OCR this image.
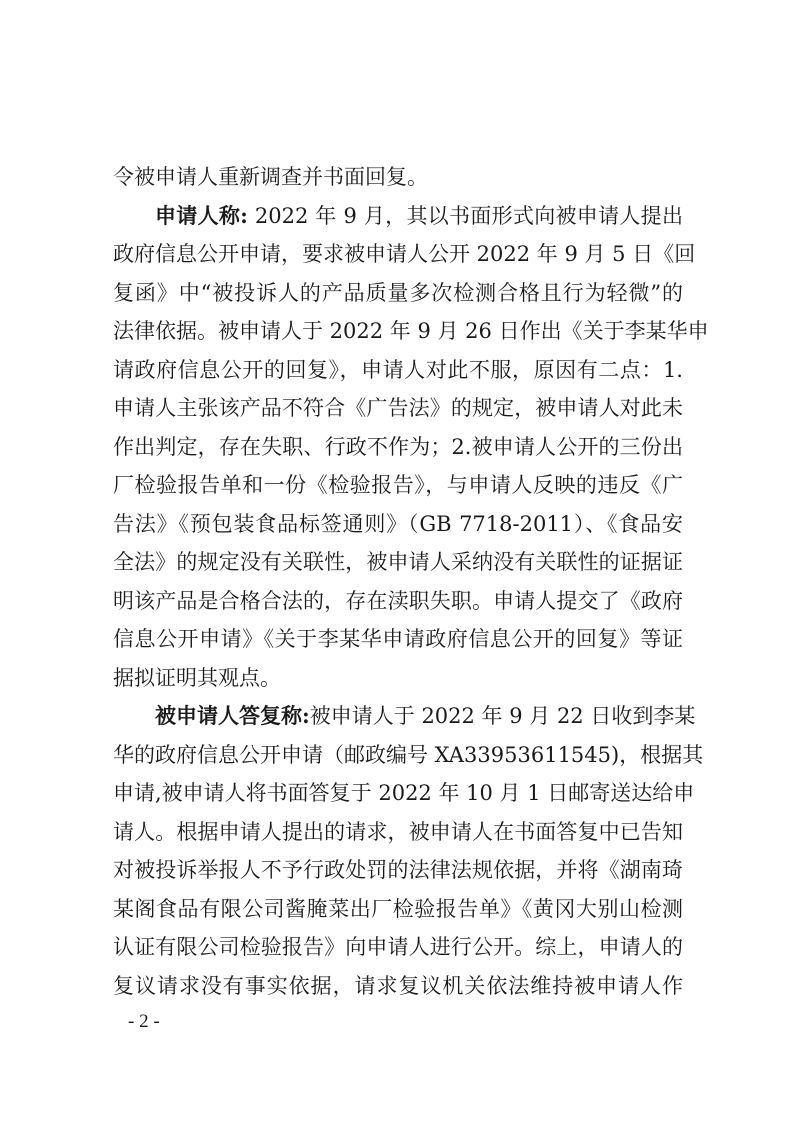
令被申请人重新调查并书面回复。
申请人称: 2022 年 9 月，其以书面形式向被申请人提出
政府信息公开申请，要求被申请人公开 2022 年 9 月 5 日《回
复函》中“被投诉人的产品质量多次检测合格且行为轻微”的
法律依据。被申请人于 2022 年 9 月 26 日作出《关于李某华申
请政府信息公开的回复》，申请人对此不服，原因有二点：1.
申请人主张该产品不符合《广告法》的规定，被申请人对此未
作出判定，存在失职、行政不作为；2.被申请人公开的三份出
厂检验报告单和一份《检验报告》，与申请人反映的违反《广
告法》《预包装食品标签通则》（GB 7718-2011）、《食品安
全法》的规定没有关联性，被申请人采纳没有关联性的证据证
明该产品是合格合法的，存在渎职失职。申请人提交了《政府
信息公开申请》《关于李某华申请政府信息公开的回复》等证
据拟证明其观点。
被申请人答复称:被申请人于 2022 年 9 月 22 日收到李某
华的政府信息公开申请（邮政编号 XA33953611545)，根据其
申请,被申请人将书面答复于 2022 年 10 月 1 日邮寄送达给申
请人。根据申请人提出的请求，被申请人在书面答复中已告知
对被投诉举报人不予行政处罚的法律法规依据，并将《湖南琦
某阁食品有限公司酱腌菜出厂检验报告单》《黄冈大别山检测
认证有限公司检验报告》向申请人进行公开。综上，申请人的
复议请求没有事实依据，请求复议机关依法维持被申请人作
- 2 -
